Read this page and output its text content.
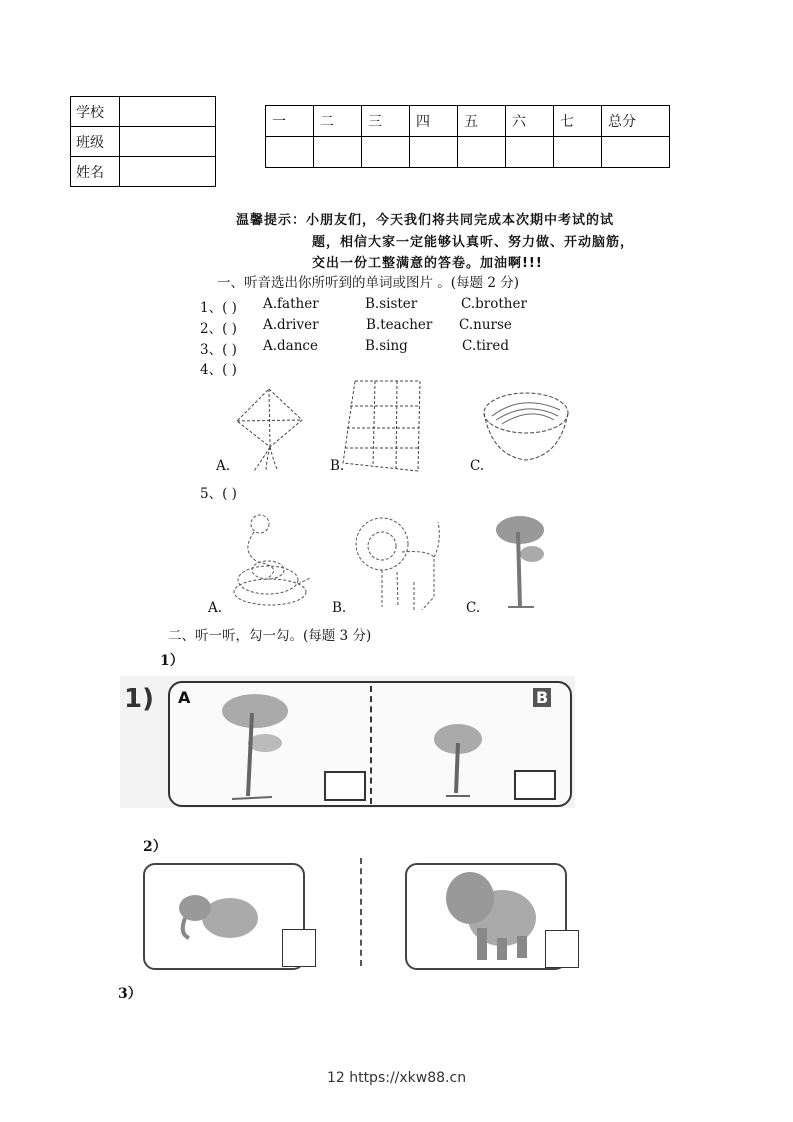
学校	
班级	
姓名	
一	二	三	四	五	六	七	总分

温馨提示：小朋友们，今天我们将共同完成本次期中考试的试
题，相信大家一定能够认真听、努力做、开动脑筋，
交出一份工整满意的答卷。加油啊!!!
一、听音选出你所听到的单词或图片 。(每题 2 分)
1、( ) A.father	B.sister	C.brother
2、( ) A.driver	B.teacher C.nurse
3、( ) A.dance	B.sing	C.tired
4、( )
A.	B.	C.
5、( )
A.	B.	C.
二、听一听，勾一勾。(每题 3 分)
1）
1) A	B
2）
3）
12 https://xkw88.cn
